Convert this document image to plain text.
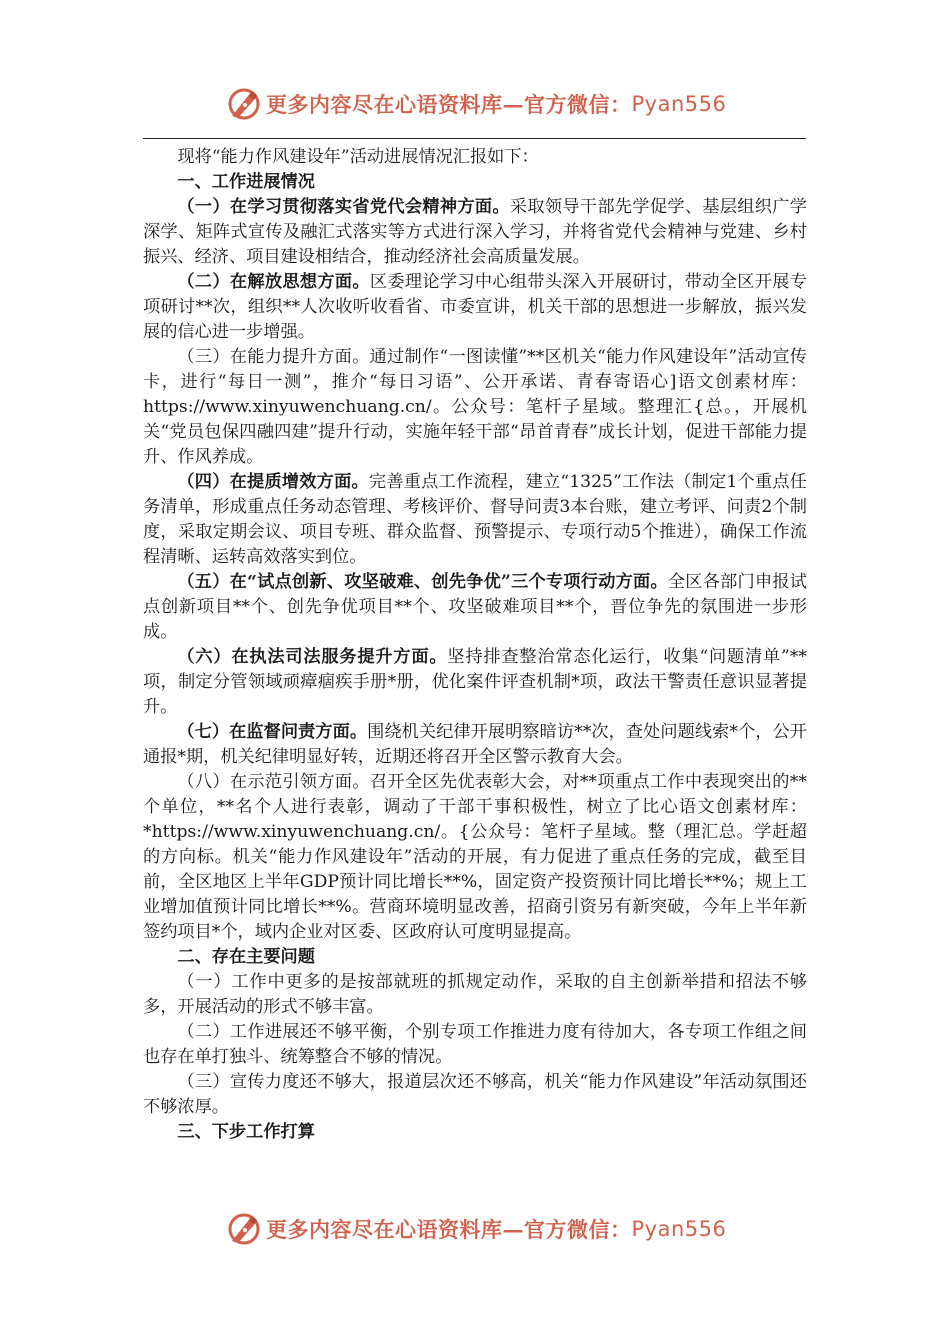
更多内容尽在心语资料库—官方微信： Pyan556

现将“能力作风建设年”活动进展情况汇报如下：

一、工作进展情况

（一）在学习贯彻落实省党代会精神方面。采取领导干部先学促学、基层组织广学深学、矩阵式宣传及融汇式落实等方式进行深入学习，并将省党代会精神与党建、乡村振兴、经济、项目建设相结合，推动经济社会高质量发展。

（二）在解放思想方面。区委理论学习中心组带头深入开展研讨，带动全区开展专项研讨**次，组织**人次收听收看省、市委宣讲，机关干部的思想进一步解放，振兴发展的信心进一步增强。

（三）在能力提升方面。通过制作“一图读懂”**区机关“能力作风建设年”活动宣传卡，进行“每日一测”，推介“每日习语”、公开承诺、青春寄语心]语文创素材库：https://www.xinyuwenchuang.cn/。公众号：笔杆子星域。整理汇{总。，开展机关“党员包保四融四建”提升行动，实施年轻干部“昂首青春”成长计划，促进干部能力提升、作风养成。

（四）在提质增效方面。完善重点工作流程，建立“1325”工作法（制定1个重点任务清单，形成重点任务动态管理、考核评价、督导问责3本台账，建立考评、问责2个制度，采取定期会议、项目专班、群众监督、预警提示、专项行动5个推进），确保工作流程清晰、运转高效落实到位。

（五）在“试点创新、攻坚破难、创先争优”三个专项行动方面。全区各部门申报试点创新项目**个、创先争优项目**个、攻坚破难项目**个，晋位争先的氛围进一步形成。

（六）在执法司法服务提升方面。坚持排查整治常态化运行，收集“问题清单”**项，制定分管领域顽瘴痼疾手册*册，优化案件评查机制*项，政法干警责任意识显著提升。

（七）在监督问责方面。围绕机关纪律开展明察暗访**次，查处问题线索*个，公开通报*期，机关纪律明显好转，近期还将召开全区警示教育大会。

（八）在示范引领方面。召开全区先优表彰大会，对**项重点工作中表现突出的**个单位，**名个人进行表彰，调动了干部干事积极性，树立了比心语文创素材库：*https://www.xinyuwenchuang.cn/。{公众号：笔杆子星域。整（理汇总。学赶超的方向标。机关“能力作风建设年”活动的开展，有力促进了重点任务的完成，截至目前，全区地区上半年GDP预计同比增长**%，固定资产投资预计同比增长**%；规上工业增加值预计同比增长**%。营商环境明显改善，招商引资另有新突破，今年上半年新签约项目*个，域内企业对区委、区政府认可度明显提高。

二、存在主要问题

（一）工作中更多的是按部就班的抓规定动作，采取的自主创新举措和招法不够多，开展活动的形式不够丰富。

（二）工作进展还不够平衡，个别专项工作推进力度有待加大，各专项工作组之间也存在单打独斗、统筹整合不够的情况。

（三）宣传力度还不够大，报道层次还不够高，机关“能力作风建设”年活动氛围还不够浓厚。

三、下步工作打算

更多内容尽在心语资料库—官方微信： Pyan556
